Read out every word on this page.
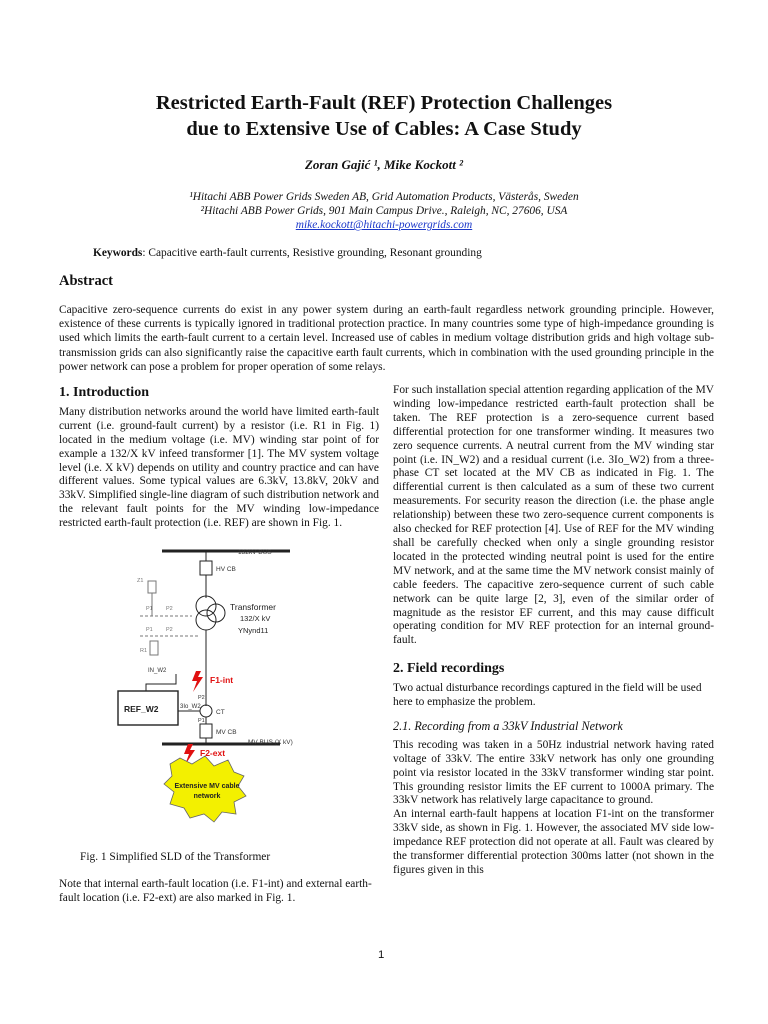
Restricted Earth-Fault (REF) Protection Challenges
due to Extensive Use of Cables: A Case Study
Zoran Gajić ¹, Mike Kockott ²
¹Hitachi ABB Power Grids Sweden AB, Grid Automation Products, Västerås, Sweden
²Hitachi ABB Power Grids, 901 Main Campus Drive., Raleigh, NC, 27606, USA
mike.kockott@hitachi-powergrids.com
Keywords: Capacitive earth-fault currents, Resistive grounding, Resonant grounding
Abstract
Capacitive zero-sequence currents do exist in any power system during an earth-fault regardless network grounding principle. However, existence of these currents is typically ignored in traditional protection practice. In many countries some type of high-impedance grounding is used which limits the earth-fault current to a certain level. Increased use of cables in medium voltage distribution grids and high voltage sub-transmission grids can also significantly raise the capacitive earth fault currents, which in combination with the used grounding principle in the power network can pose a problem for proper operation of some relays.

1. Introduction

Many distribution networks around the world have limited earth-fault current (i.e. ground-fault current) by a resistor (i.e. R1 in Fig. 1) located in the medium voltage (i.e. MV) winding star point of for example a 132/X kV infeed transformer [1]. The MV system voltage level (i.e. X kV) depends on utility and country practice and can have different values. Some typical values are 6.3kV, 13.8kV, 20kV and 33kV. Simplified single-line diagram of such distribution network and the relevant fault points for the MV winding low-impedance restricted earth-fault protection (i.e. REF) are shown in Fig. 1.

132kV BUS
HV CB
Z1
P1 P2
P1 P2
Transformer
132/X kV
YNynd11
R1
IN_W2
F1-int
P2
3Io_W2
P1
CT
REF_W2
MV CB
MV BUS (X kV)
F2-ext
Extensive MV cable
network
Fig. 1 Simplified SLD of the Transformer
Note that internal earth-fault location (i.e. F1-int) and external earth-fault location (i.e. F2-ext) are also marked in Fig. 1.

For such installation special attention regarding application of the MV winding low-impedance restricted earth-fault protection shall be taken. The REF protection is a zero-sequence current based differential protection for one transformer winding. It measures two zero sequence currents. A neutral current from the MV winding star point (i.e. IN_W2) and a residual current (i.e. 3Io_W2) from a three-phase CT set located at the MV CB as indicated in Fig. 1. The differential current is then calculated as a sum of these two current measurements. For security reason the direction (i.e. the phase angle relationship) between these two zero-sequence current components is also checked for REF protection [4]. Use of REF for the MV winding shall be carefully checked when only a single grounding resistor located in the protected winding neutral point is used for the entire MV network, and at the same time the MV network consist mainly of cable feeders. The capacitive zero-sequence current of such cable network can be quite large [2, 3], even of the similar order of magnitude as the resistor EF current, and this may cause difficult operating condition for MV REF protection for an internal ground-fault.

2. Field recordings

Two actual disturbance recordings captured in the field will be used here to emphasize the problem.

2.1. Recording from a 33kV Industrial Network

This recoding was taken in a 50Hz industrial network having rated voltage of 33kV. The entire 33kV network has only one grounding point via resistor located in the 33kV transformer winding star point. This grounding resistor limits the EF current to 1000A primary. The 33kV network has relatively large capacitance to ground.

An internal earth-fault happens at location F1-int on the transformer 33kV side, as shown in Fig. 1. However, the associated MV side low-impedance REF protection did not operate at all. Fault was cleared by the transformer differential protection 300ms latter (not shown in the figures given in this

1
